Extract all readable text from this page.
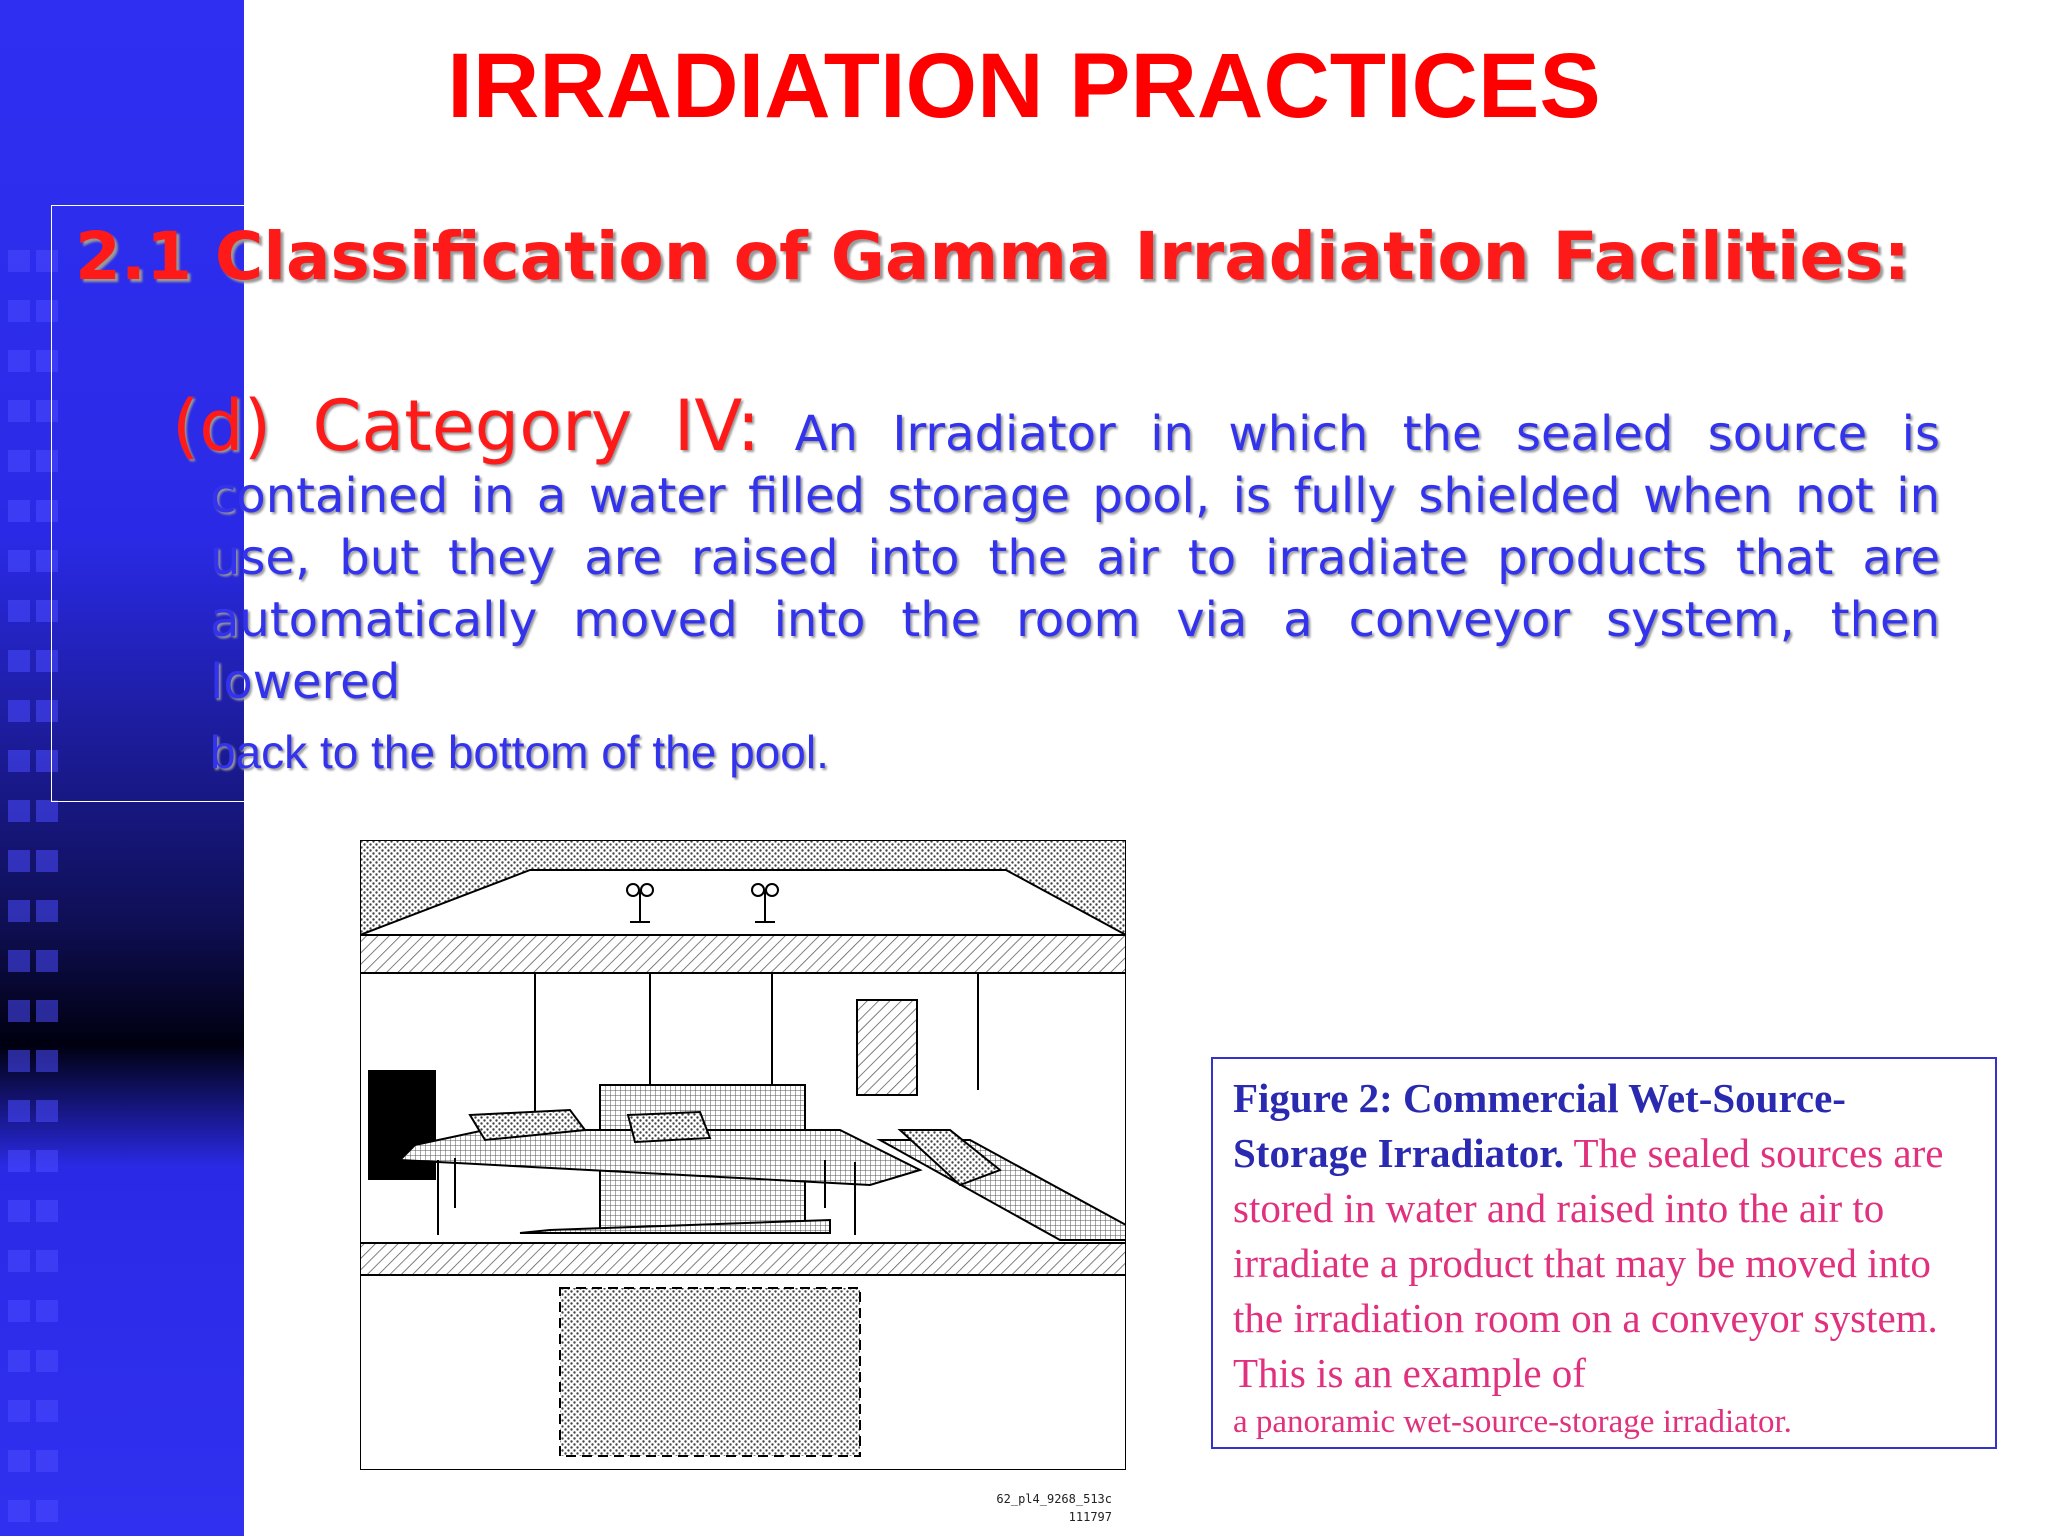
IRRADIATION PRACTICES
2.1 Classification of Gamma Irradiation Facilities:

(d) Category IV: An Irradiator in which the sealed source is contained in a water filled storage pool, is fully shielded when not in use, but they are raised into the air to irradiate products that are automatically moved into the room via a conveyor system, then lowered
back to the bottom of the pool.

Figure 2: Commercial Wet-Source-Storage Irradiator. The sealed sources are stored in water and raised into the air to irradiate a product that may be moved into the irradiation room on a conveyor system. This is an example of
a panoramic wet-source-storage irradiator.
62_pl4_9268_513c
111797
